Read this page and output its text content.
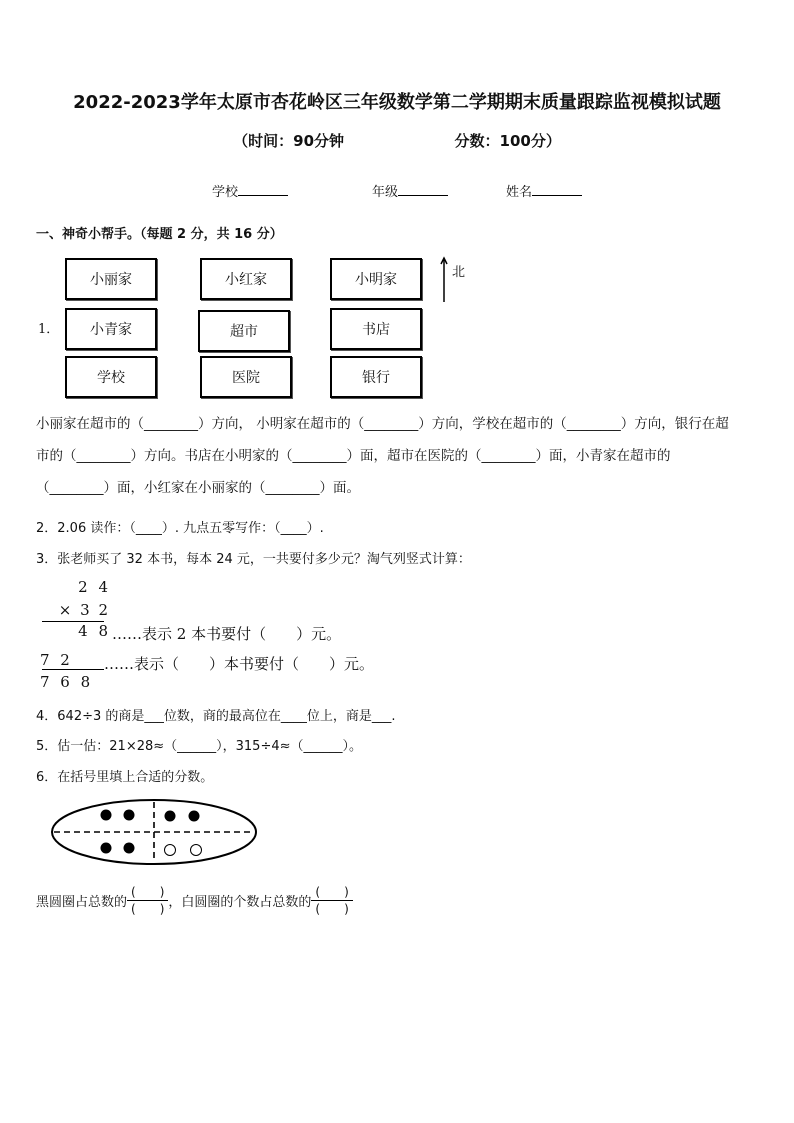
2022-2023学年太原市杏花岭区三年级数学第二学期期末质量跟踪监视模拟试题
（时间：90分钟	分数：100分）
学校	年级	姓名
一、神奇小帮手。（每题 2 分，共 16 分）
1．
小丽家	小红家	小明家
小青家	超市	书店
学校	医院	银行
北
小丽家在超市的（________）方向， 小明家在超市的（________）方向，学校在超市的（________）方向，银行在超
市的（________）方向。书店在小明家的（________）面，超市在医院的（________）面，小青家在超市的
（________）面，小红家在小丽家的（________）面。
2．2.06 读作：（____）. 九点五零写作：（____）.
3．张老师买了 32 本书，每本 24 元，一共要付多少元？淘气列竖式计算：
2 4
× 3 2
4 8 ……表示 2 本书要付（　　）元。
7 2 ……表示（　　）本书要付（　　）元。
7 6 8
4．642÷3 的商是___位数，商的最高位在____位上，商是___.
5．估一估：21×28≈（______），315÷4≈（______）。
6．在括号里填上合适的分数。
黑圆圈占总数的 $\frac{( )}{( )}$ ，白圆圈的个数占总数的 $\frac{( )}{( )}$
